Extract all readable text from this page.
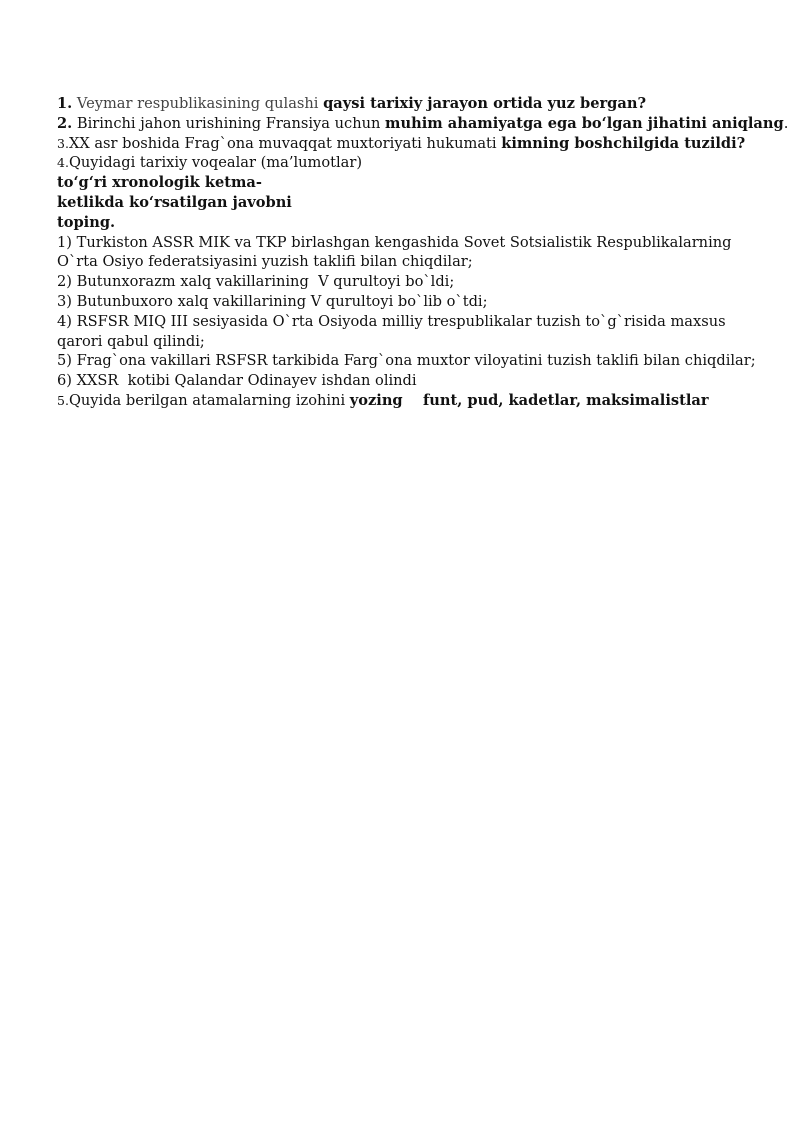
1. Veymar respublikasining qulashi qaysi tarixiy jarayon ortida yuz bergan?
2. Birinchi jahon urishining Fransiya uchun muhim ahamiyatga ega bo‘lgan jihatini aniqlang.
3.XX asr boshida Frag`ona muvaqqat muxtoriyati hukumati kimning boshchilgida tuzildi?
4.Quyidagi tarixiy voqealar (ma’lumotlar)
to‘g‘ri xronologik ketma-
ketlikda ko‘rsatilgan javobni
toping.
1) Turkiston ASSR MIK va TKP birlashgan kengashida Sovet Sotsialistik Respublikalarning O`rta Osiyo federatsiyasini yuzish taklifi bilan chiqdilar;
2) Butunxorazm xalq vakillarining  V qurultoyi bo`ldi;
3) Butunbuxoro xalq vakillarining V qurultoyi bo`lib o`tdi;
4) RSFSR MIQ III sesiyasida O`rta Osiyoda milliy trespublikalar tuzish to`g`risida maxsus qarori qabul qilindi;
5) Frag`ona vakillari RSFSR tarkibida Farg`ona muxtor viloyatini tuzish taklifi bilan chiqdilar;
6) XXSR  kotibi Qalandar Odinayev ishdan olindi
5.Quyida berilgan atamalarning izohini yozing    funt, pud, kadetlar, maksimalistlar
